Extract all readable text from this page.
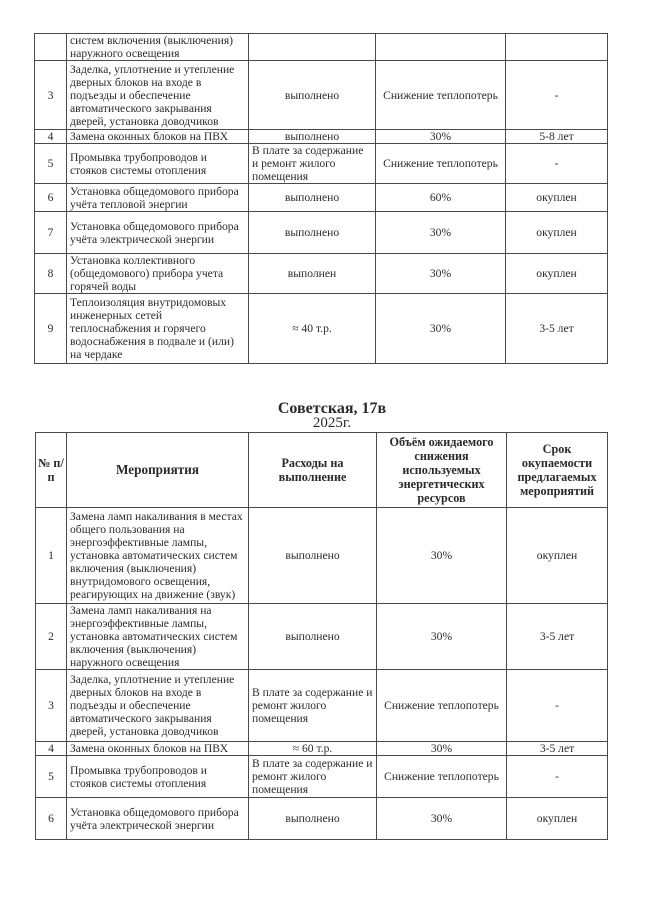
	систем включения (выключения) наружного освещения			
3	Заделка, уплотнение и утепление дверных блоков на входе в подъезды и обеспечение автоматического закрывания дверей, установка доводчиков	выполнено	Снижение теплопотерь	-
4	Замена оконных блоков на ПВХ	выполнено	30%	5-8 лет
5	Промывка трубопроводов и стояков системы отопления	В плате за содержание и ремонт жилого помещения	Снижение теплопотерь	-
6	Установка общедомового прибора учёта тепловой энергии	выполнено	60%	окуплен
7	Установка общедомового прибора учёта электрической энергии	выполнено	30%	окуплен
8	Установка коллективного (общедомового) прибора учета горячей воды	выполнен	30%	окуплен
9	Теплоизоляция внутридомовых инженерных сетей теплоснабжения и горячего водоснабжения в подвале и (или) на чердаке	≈ 40 т.р.	30%	3-5 лет
Советская, 17в
2025г.
№ п/п	Мероприятия	Расходы на выполнение	Объём ожидаемого снижения используемых энергетических ресурсов	Срок окупаемости предлагаемых мероприятий
1	Замена ламп накаливания в местах общего пользования на энергоэффективные лампы, установка автоматических систем включения (выключения) внутридомового освещения, реагирующих на движение (звук)	выполнено	30%	окуплен
2	Замена ламп накаливания на энергоэффективные лампы, установка автоматических систем включения (выключения) наружного освещения	выполнено	30%	3-5 лет
3	Заделка, уплотнение и утепление дверных блоков на входе в подъезды и обеспечение автоматического закрывания дверей, установка доводчиков	В плате за содержание и ремонт жилого помещения	Снижение теплопотерь	-
4	Замена оконных блоков на ПВХ	≈ 60 т.р.	30%	3-5 лет
5	Промывка трубопроводов и стояков системы отопления	В плате за содержание и ремонт жилого помещения	Снижение теплопотерь	-
6	Установка общедомового прибора учёта электрической энергии	выполнено	30%	окуплен
